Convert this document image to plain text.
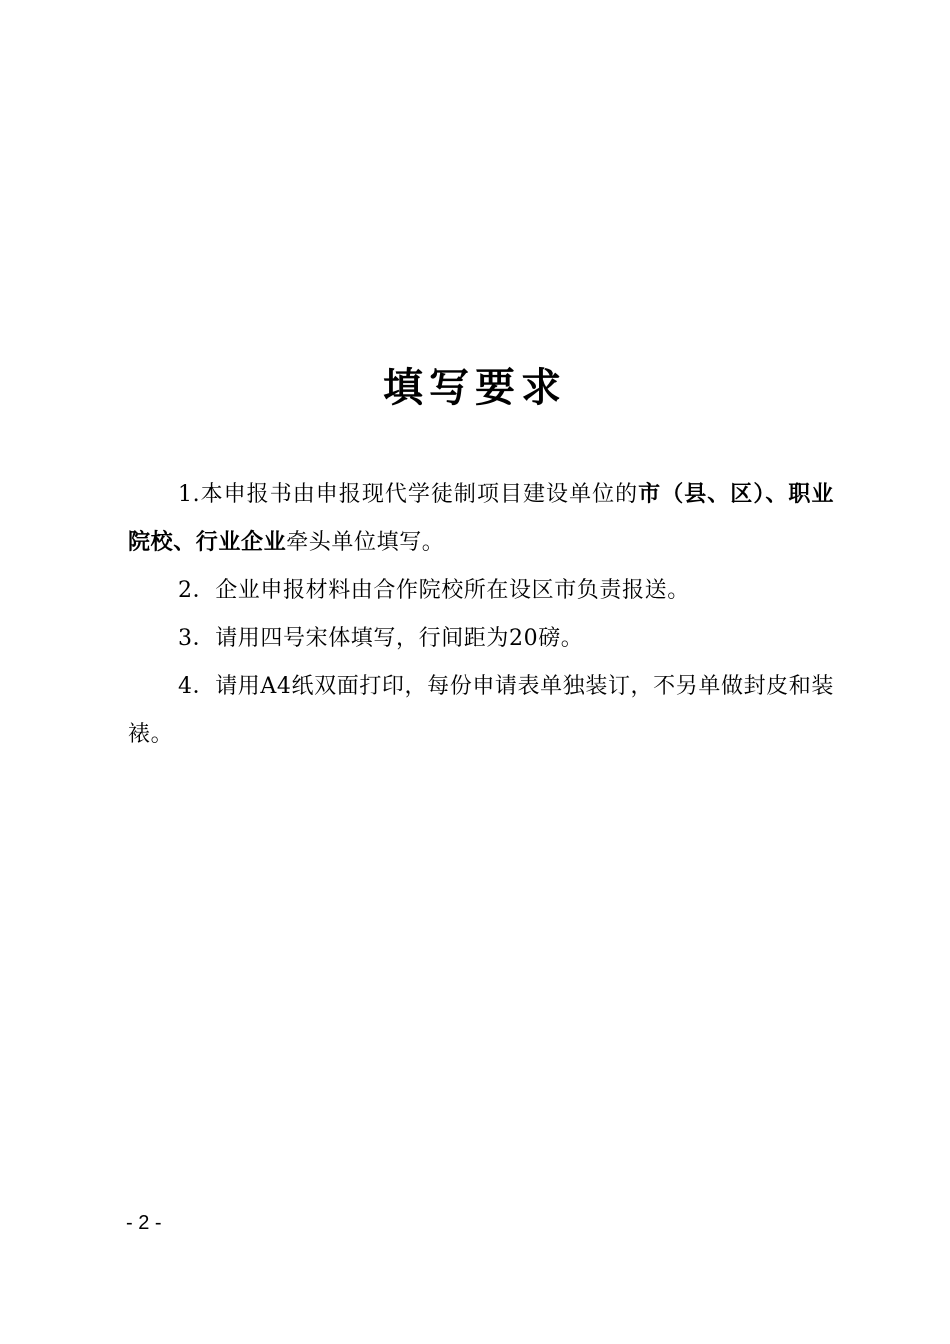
填写要求

1.本申报书由申报现代学徒制项目建设单位的市（县、区）、职业院校、行业企业牵头单位填写。

2．企业申报材料由合作院校所在设区市负责报送。

3．请用四号宋体填写，行间距为20磅。

4．请用A4纸双面打印，每份申请表单独装订，不另单做封皮和装裱。

- 2 -
